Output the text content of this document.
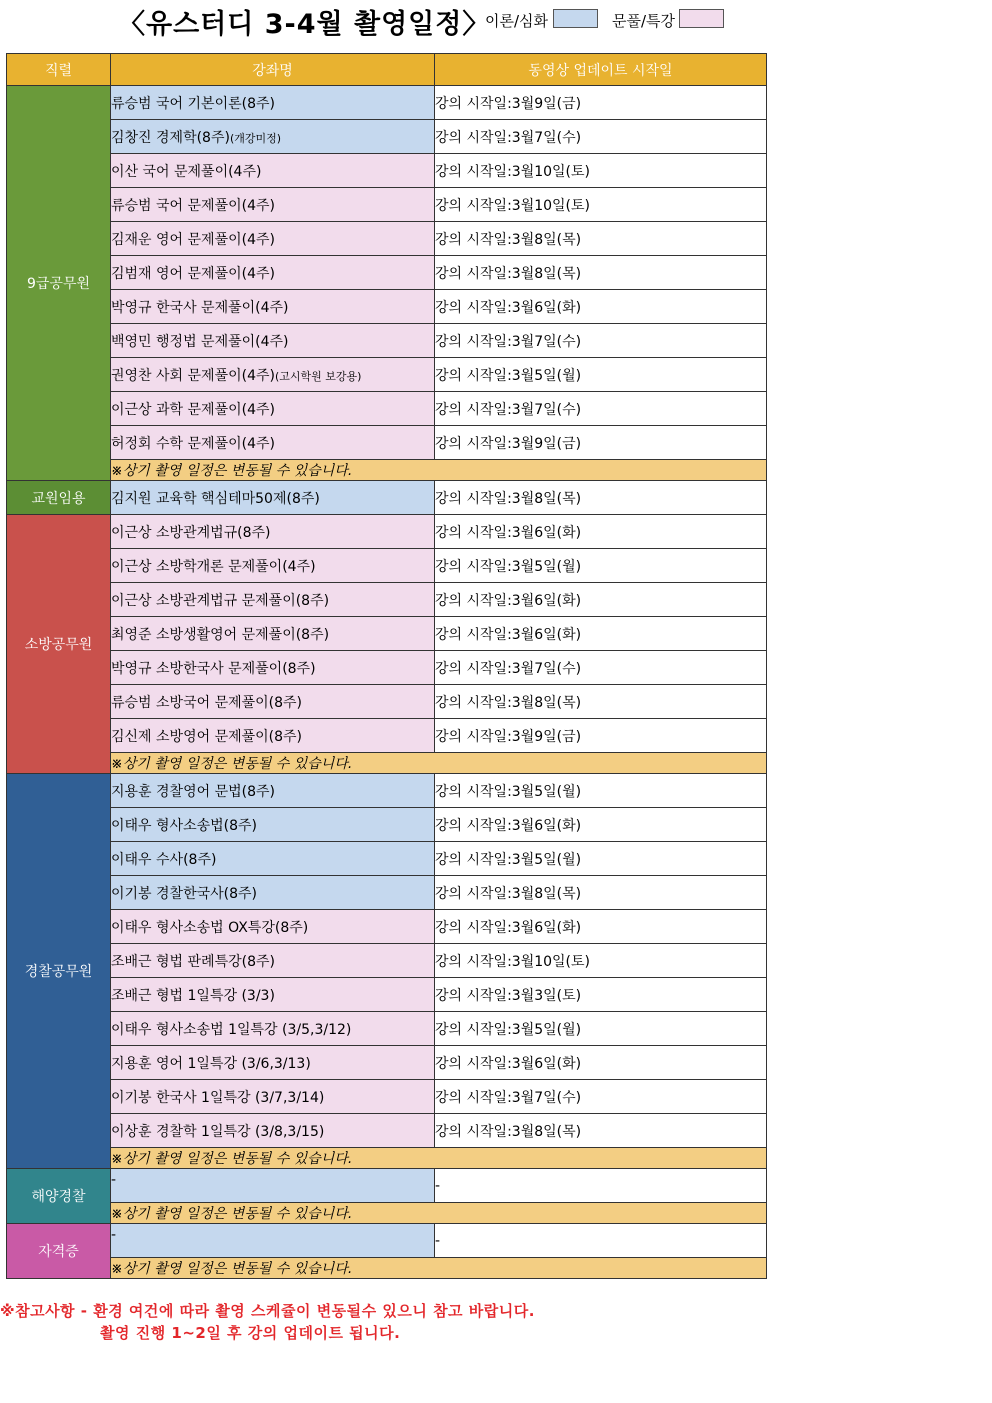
〈유스터디 3-4월 촬영일정〉
이론/심화	문풀/특강
직렬	강좌명	동영상 업데이트 시작일
9급공무원	류승범 국어 기본이론(8주)	강의 시작일:3월9일(금)
	김창진 경제학(8주)(개강미정)	강의 시작일:3월7일(수)
	이산 국어 문제풀이(4주)	강의 시작일:3월10일(토)
	류승범 국어 문제풀이(4주)	강의 시작일:3월10일(토)
	김재운 영어 문제풀이(4주)	강의 시작일:3월8일(목)
	김범재 영어 문제풀이(4주)	강의 시작일:3월8일(목)
	박영규 한국사 문제풀이(4주)	강의 시작일:3월6일(화)
	백영민 행정법 문제풀이(4주)	강의 시작일:3월7일(수)
	권영찬 사회 문제풀이(4주)(고시학원 보강용)	강의 시작일:3월5일(월)
	이근상 과학 문제풀이(4주)	강의 시작일:3월7일(수)
	허정회 수학 문제풀이(4주)	강의 시작일:3월9일(금)
	※상기 촬영 일정은 변동될 수 있습니다.	
교원임용	김지원 교육학 핵심테마50제(8주)	강의 시작일:3월8일(목)
소방공무원	이근상 소방관계법규(8주)	강의 시작일:3월6일(화)
	이근상 소방학개론 문제풀이(4주)	강의 시작일:3월5일(월)
	이근상 소방관계법규 문제풀이(8주)	강의 시작일:3월6일(화)
	최영준 소방생활영어 문제풀이(8주)	강의 시작일:3월6일(화)
	박영규 소방한국사 문제풀이(8주)	강의 시작일:3월7일(수)
	류승범 소방국어 문제풀이(8주)	강의 시작일:3월8일(목)
	김신제 소방영어 문제풀이(8주)	강의 시작일:3월9일(금)
	※상기 촬영 일정은 변동될 수 있습니다.	
경찰공무원	지용훈 경찰영어 문법(8주)	강의 시작일:3월5일(월)
	이태우 형사소송법(8주)	강의 시작일:3월6일(화)
	이태우 수사(8주)	강의 시작일:3월5일(월)
	이기봉 경찰한국사(8주)	강의 시작일:3월8일(목)
	이태우 형사소송법 OX특강(8주)	강의 시작일:3월6일(화)
	조배근 형법 판례특강(8주)	강의 시작일:3월10일(토)
	조배근 형법 1일특강 (3/3)	강의 시작일:3월3일(토)
	이태우 형사소송법 1일특강 (3/5,3/12)	강의 시작일:3월5일(월)
	지용훈 영어 1일특강 (3/6,3/13)	강의 시작일:3월6일(화)
	이기봉 한국사 1일특강 (3/7,3/14)	강의 시작일:3월7일(수)
	이상훈 경찰학 1일특강 (3/8,3/15)	강의 시작일:3월8일(목)
	※상기 촬영 일정은 변동될 수 있습니다.	
해양경찰	-	-
	※상기 촬영 일정은 변동될 수 있습니다.	
자격증	-	-
	※상기 촬영 일정은 변동될 수 있습니다.	
※참고사항 - 환경 여건에 따라 촬영 스케쥴이 변동될수 있으니 참고 바랍니다.
촬영 진행 1~2일 후 강의 업데이트 됩니다.
